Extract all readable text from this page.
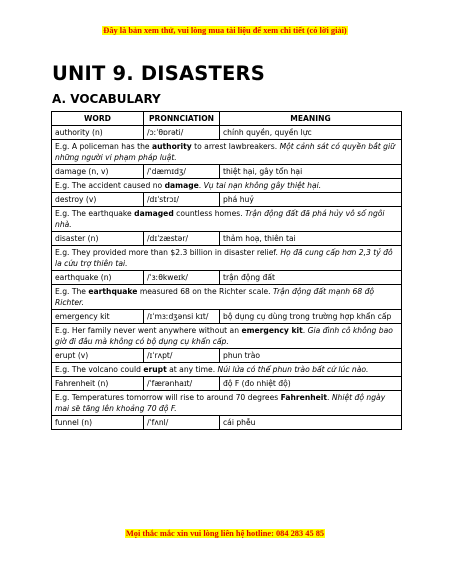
Đây là bản xem thử, vui lòng mua tài liệu để xem chi tiết (có lời giải)
UNIT 9. DISASTERS
A. VOCABULARY
WORD	PRONNCIATION	MEANING
authority (n)	/ɔːˈθɒrəti/	chính quyền, quyền lực
E.g. A policeman has the authority to arrest lawbreakers. Một cảnh sát có quyền bắt giữ những người vi phạm pháp luật.		
damage (n, v)	/ˈdæmɪdʒ/	thiệt hại, gây tổn hại
E.g. The accident caused no damage. Vụ tai nạn không gây thiệt hại.		
destroy (v)	/dɪˈstrɔɪ/	phá huỷ
E.g. The earthquake damaged countless homes. Trận động đất đã phá hủy vô số ngôi nhà.		
disaster (n)	/dɪˈzæstər/	thảm hoạ, thiên tai
E.g. They provided more than $2.3 billion in disaster relief. Họ đã cung cấp hơn 2,3 tỷ đô la cứu trợ thiên tai.		
earthquake (n)	/ˈɜːθkweɪk/	trận động đất
E.g. The earthquake measured 68 on the Richter scale. Trận động đất mạnh 68 độ Richter.		
emergency kit	/ɪˈmɜːdʒənsi kɪt/	bộ dụng cụ dùng trong trường hợp khẩn cấp
E.g. Her family never went anywhere without an emergency kit. Gia đình cô không bao giờ đi đâu mà không có bộ dụng cụ khẩn cấp.		
erupt (v)	/ɪˈrʌpt/	phun trào
E.g. The volcano could erupt at any time. Núi lửa có thể phun trào bất cứ lúc nào.		
Fahrenheit (n)	/ˈfærənhaɪt/	độ F (đo nhiệt độ)
E.g. Temperatures tomorrow will rise to around 70 degrees Fahrenheit. Nhiệt độ ngày mai sẽ tăng lên khoảng 70 độ F.		
funnel (n)	/ˈfʌnl/	cái phễu
Mọi thắc mắc xin vui lòng liên hệ hotline: 084 283 45 85
